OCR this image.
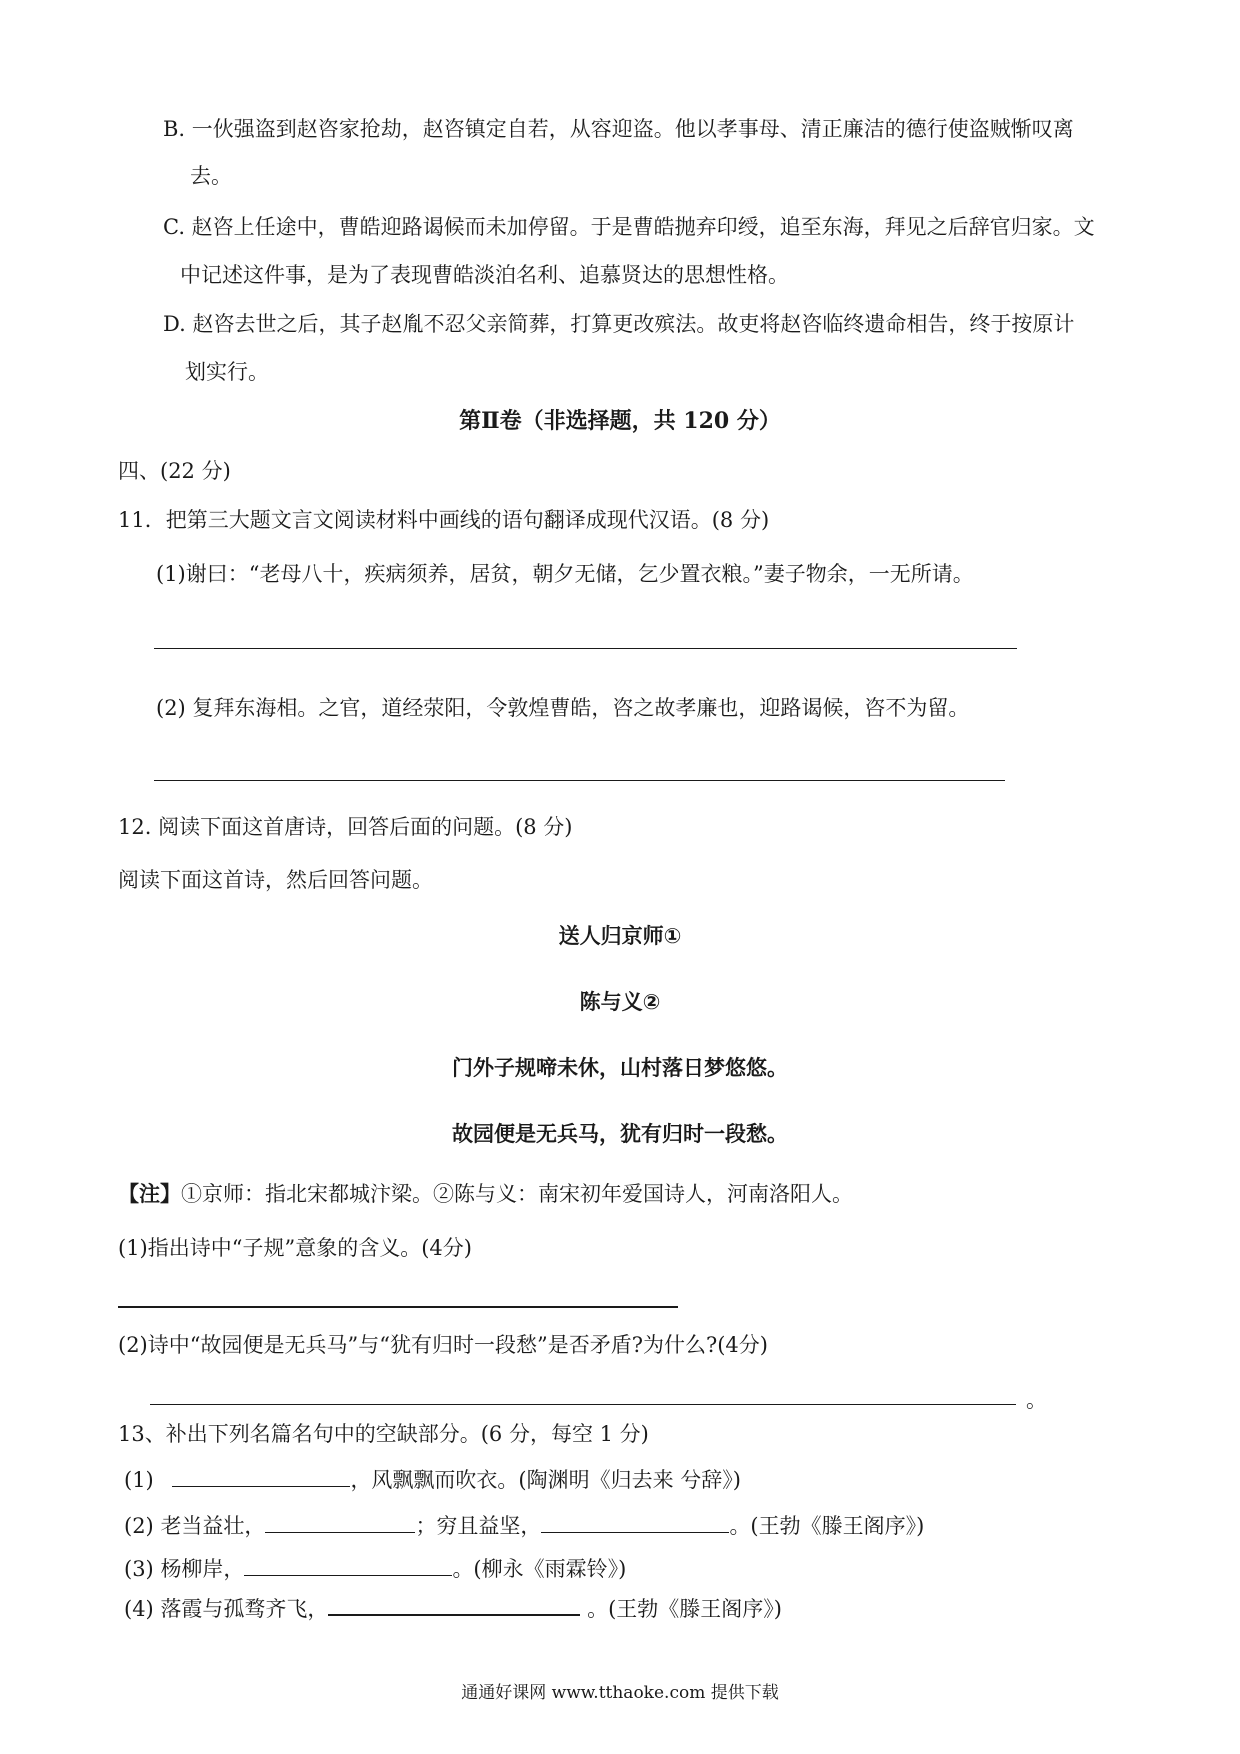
B. 一伙强盗到赵咨家抢劫，赵咨镇定自若，从容迎盗。他以孝事母、清正廉洁的德行使盗贼惭叹离
去。
C. 赵咨上任途中，曹皓迎路谒候而未加停留。于是曹皓抛弃印绶，追至东海，拜见之后辞官归家。文
中记述这件事，是为了表现曹皓淡泊名利、追慕贤达的思想性格。
D. 赵咨去世之后，其子赵胤不忍父亲简葬，打算更改殡法。故吏将赵咨临终遗命相告，终于按原计
划实行。
第Ⅱ卷（非选择题，共 120 分）
四、(22 分)
11．把第三大题文言文阅读材料中画线的语句翻译成现代汉语。(8 分)
(1)谢曰：“老母八十，疾病须养，居贫，朝夕无储，乞少置衣粮。”妻子物余，一无所请。
(2) 复拜东海相。之官，道经荥阳，令敦煌曹皓，咨之故孝廉也，迎路谒候，咨不为留。
12. 阅读下面这首唐诗，回答后面的问题。(8 分)
阅读下面这首诗，然后回答问题。
送人归京师①
陈与义②
门外子规啼未休，山村落日梦悠悠。
故园便是无兵马，犹有归时一段愁。
【注】①京师：指北宋都城汴梁。②陈与义：南宋初年爱国诗人，河南洛阳人。
(1)指出诗中“子规”意象的含义。(4分)
(2)诗中“故园便是无兵马”与“犹有归时一段愁”是否矛盾?为什么?(4分)
。
13、补出下列名篇名句中的空缺部分。(6 分，每空 1 分)
(1)	，风飘飘而吹衣。(陶渊明《归去来 兮辞》)
(2) 老当益壮，	；穷且益坚，	。(王勃《滕王阁序》)
(3) 杨柳岸，	。(柳永《雨霖铃》)
(4) 落霞与孤骛齐飞，	。(王勃《滕王阁序》)
通通好课网 www.tthaoke.com 提供下载
